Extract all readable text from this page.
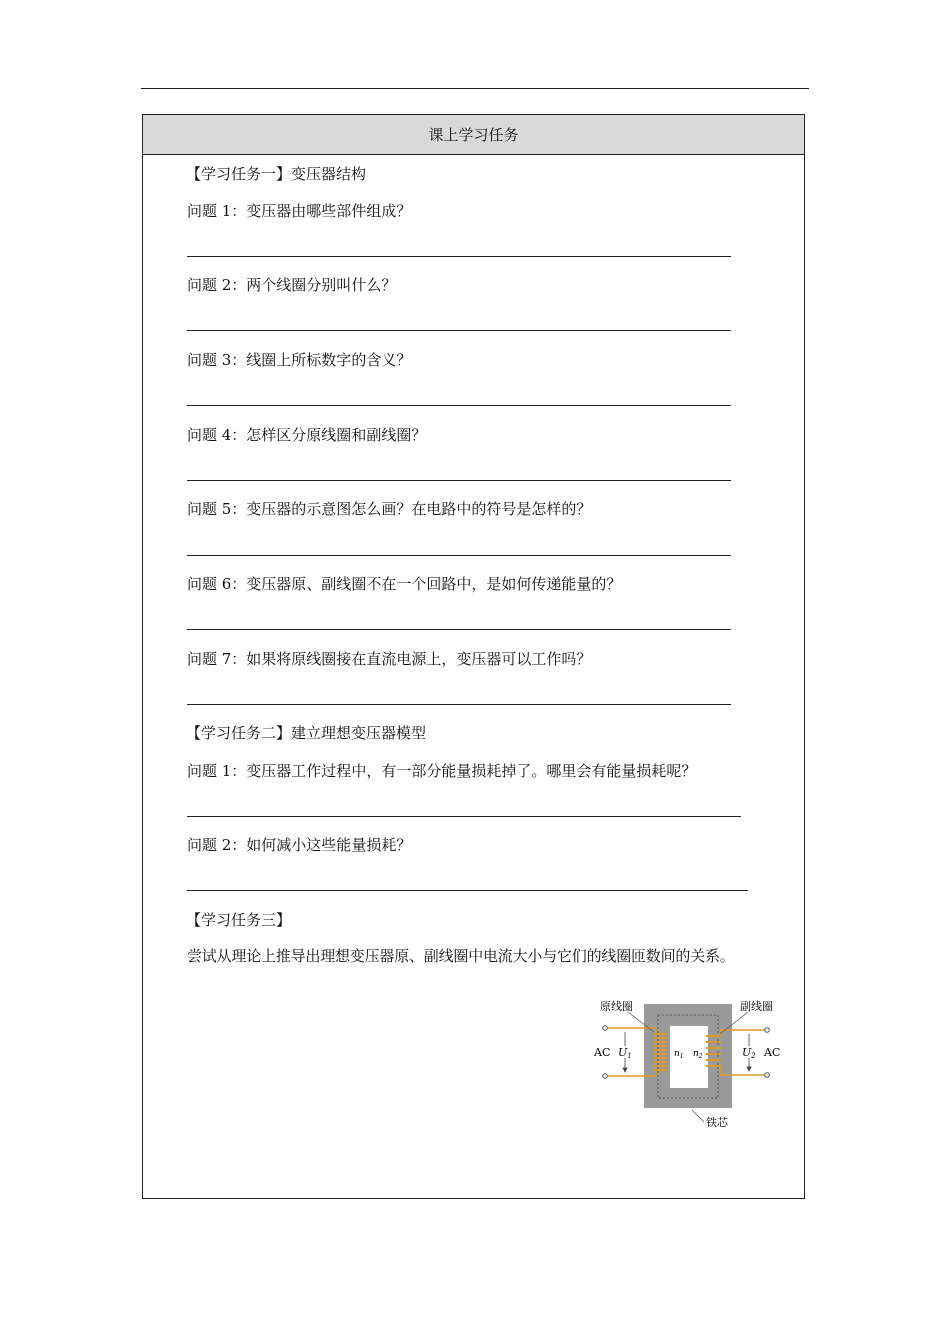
课上学习任务
【学习任务一】变压器结构
问题 1：变压器由哪些部件组成？
问题 2：两个线圈分别叫什么？
问题 3：线圈上所标数字的含义？
问题 4：怎样区分原线圈和副线圈？
问题 5：变压器的示意图怎么画？在电路中的符号是怎样的？
问题 6：变压器原、副线圈不在一个回路中，是如何传递能量的？
问题 7：如果将原线圈接在直流电源上，变压器可以工作吗？
【学习任务二】建立理想变压器模型
问题 1：变压器工作过程中，有一部分能量损耗掉了。哪里会有能量损耗呢？
问题 2：如何减小这些能量损耗？
【学习任务三】
尝试从理论上推导出理想变压器原、副线圈中电流大小与它们的线圈匝数间的关系。
原线圈	副线圈
铁芯
AC	AC
U1	U2
$n_1$ $n_2$
